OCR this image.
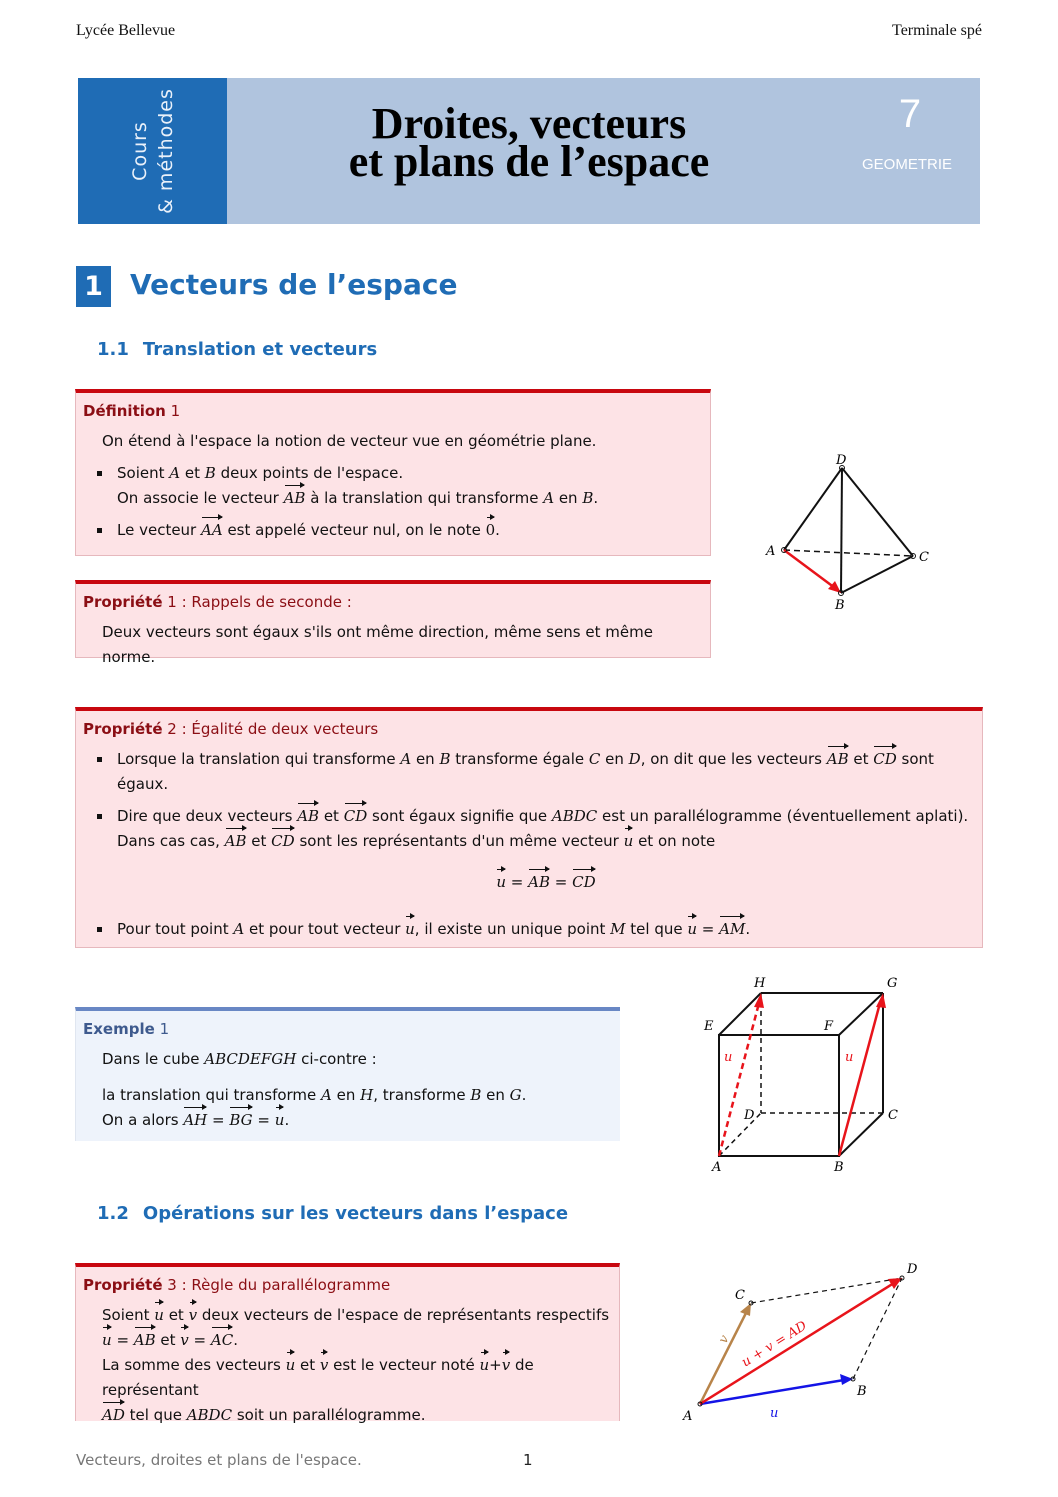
Lycée Bellevue	Terminale spé
Cours & méthodes	Droites, vecteurs
et plans de l’espace
7
GEOMETRIE
1 Vecteurs de l’espace
1.1 Translation et vecteurs
Définition 1
On étend à l'espace la notion de vecteur vue en géométrie plane.
Soient A et B deux points de l'espace.
On associe le vecteur AB à la translation qui transforme A en B.
Le vecteur AA est appelé vecteur nul, on le note 0.
Propriété 1 : Rappels de seconde :
Deux vecteurs sont égaux s'ils ont même direction, même sens et même norme.
D
A	C
B
Propriété 2 : Égalité de deux vecteurs
Lorsque la translation qui transforme A en B transforme égale C en D, on dit que les vecteurs AB et CD sont égaux.
Dire que deux vecteurs AB et CD sont égaux signifie que ABDC est un parallélogramme (éventuellement aplati).
Dans cas cas, AB et CD sont les représentants d'un même vecteur u et on note
u = AB = CD
Pour tout point A et pour tout vecteur u, il existe un unique point M tel que u = AM.
Exemple 1
Dans le cube ABCDEFGH ci-contre :
la translation qui transforme A en H, transforme B en G.
On a alors AH = BG = u.
H	G
E	F
D	C
A	B
u	u
1.2 Opérations sur les vecteurs dans l’espace
Propriété 3 : Règle du parallélogramme
Soient u et v deux vecteurs de l'espace de représentants respectifs
u = AB et v = AC.
La somme des vecteurs u et v est le vecteur noté u+v de représentant
AD tel que ABDC soit un parallélogramme.
C
D
B
A	u
v u + v = AD
Vecteurs, droites et plans de l'espace.	1
